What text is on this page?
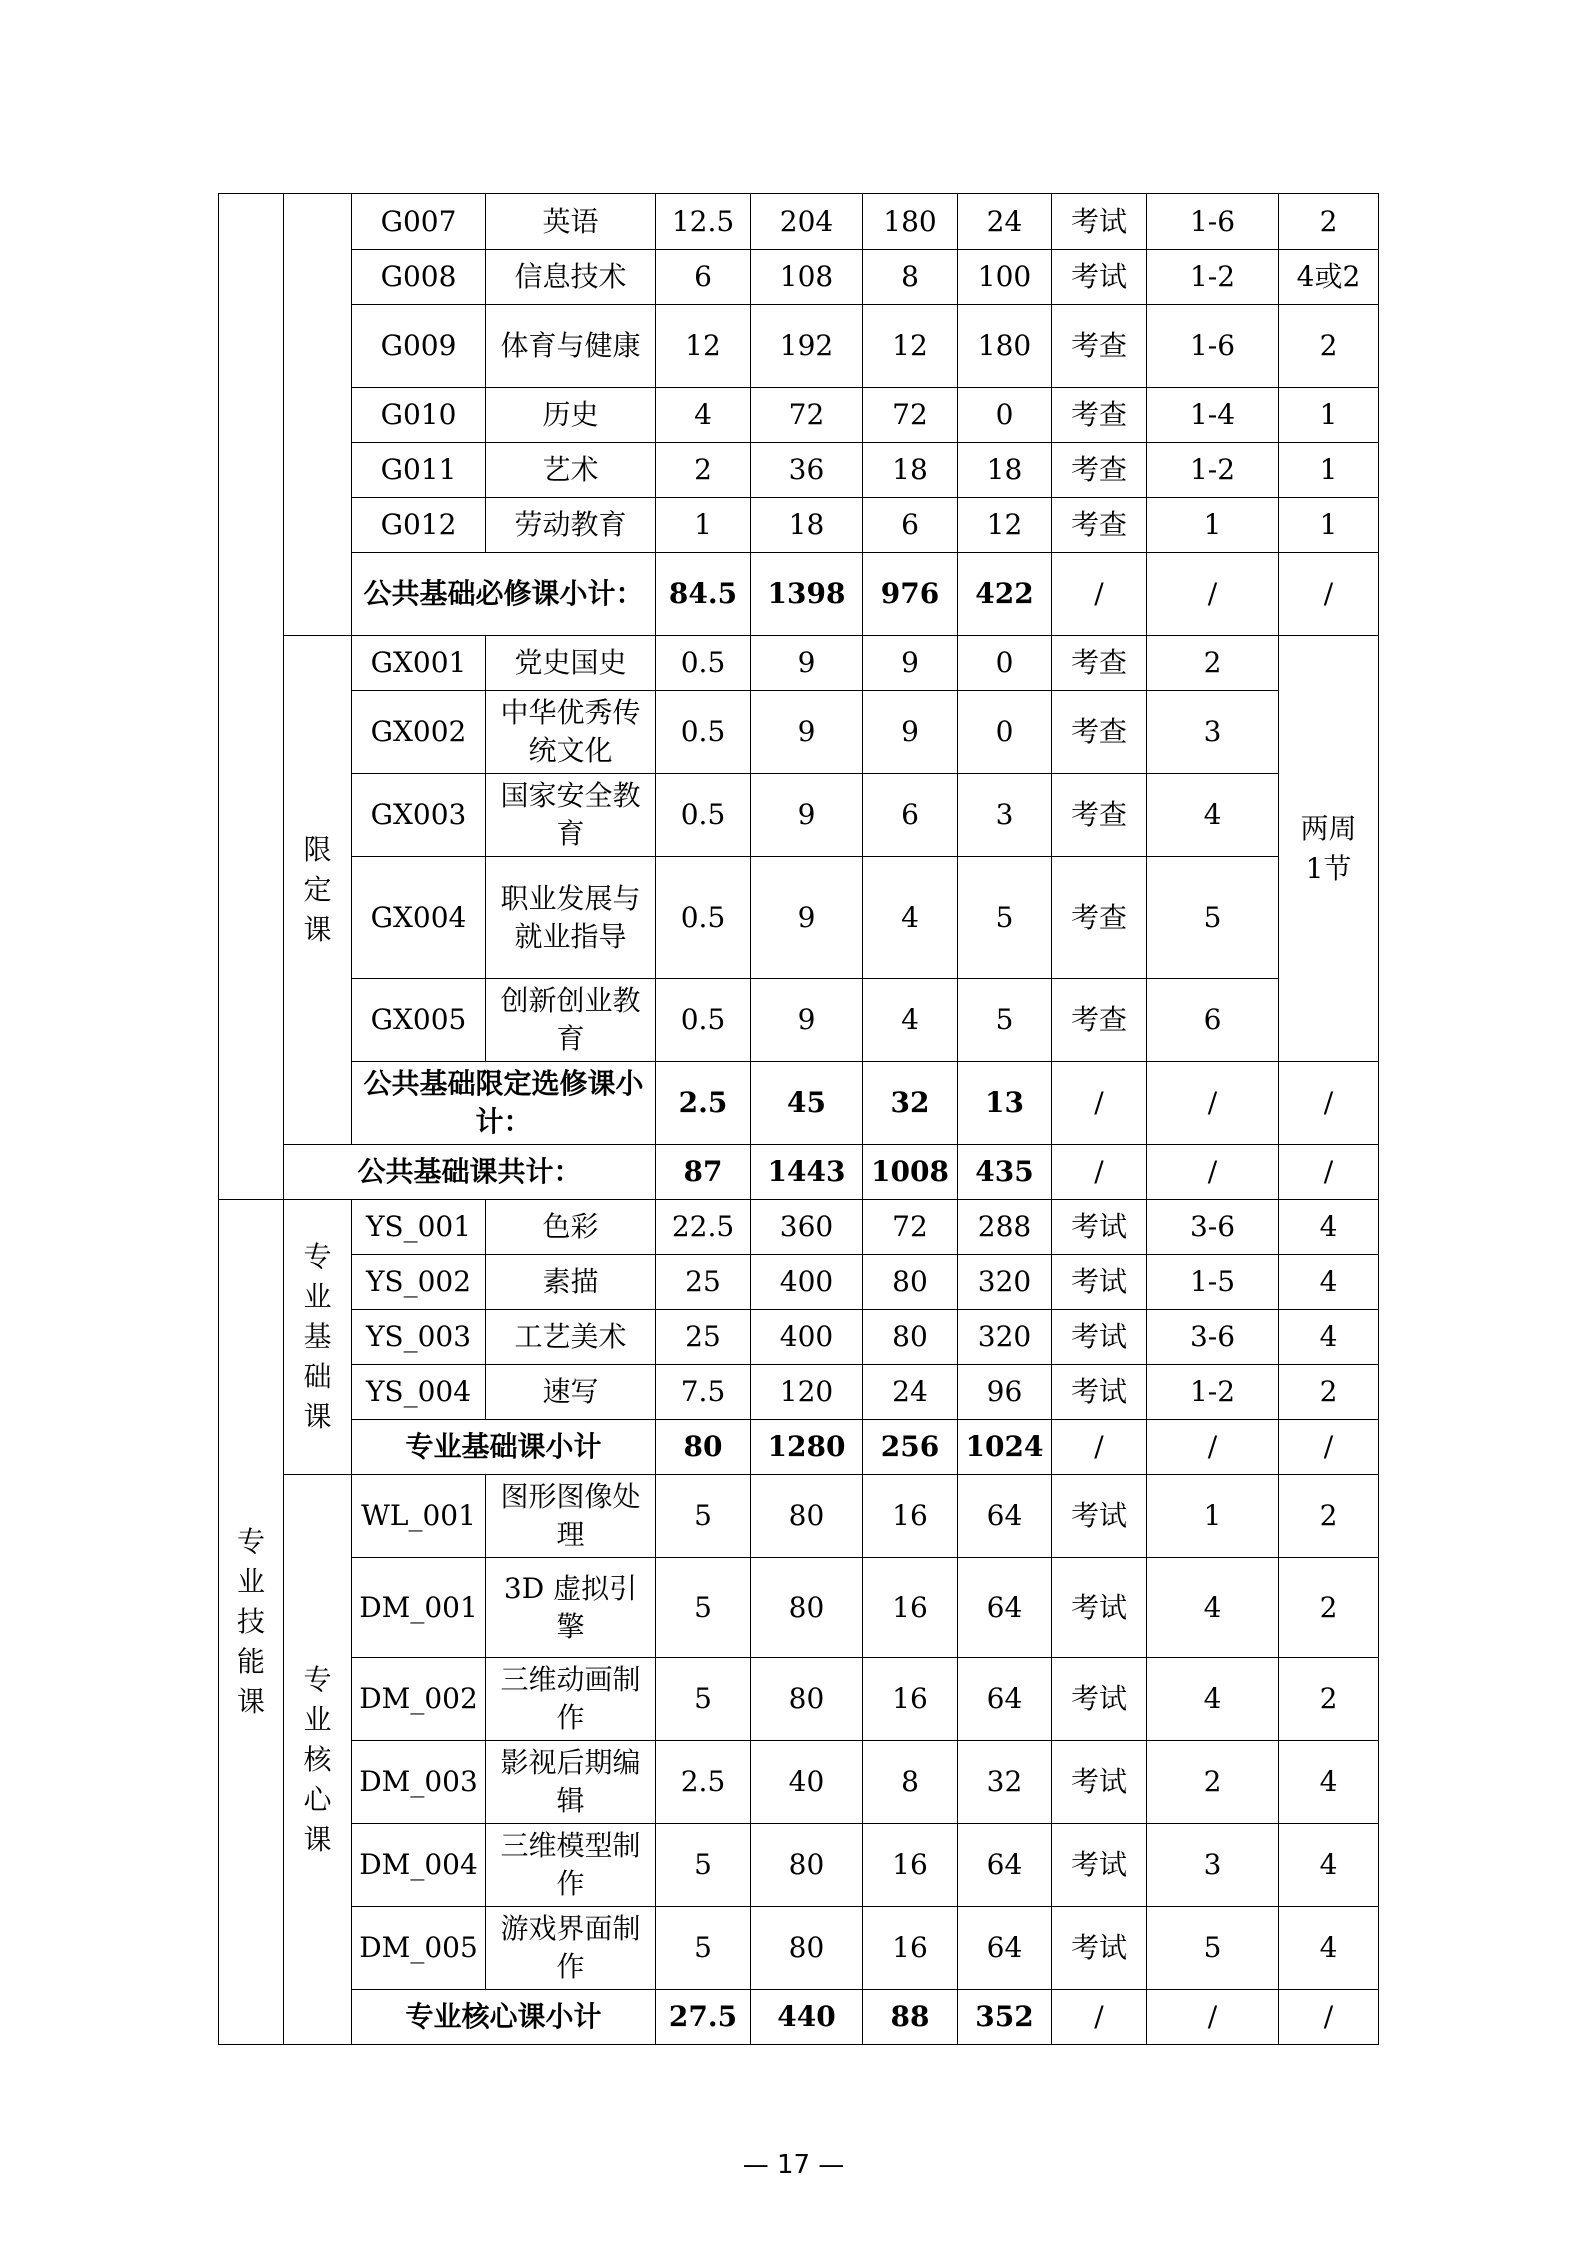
		G007	英语	12.5	204	180	24	考试	1-6	2
		G008	信息技术	6	108	8	100	考试	1-2	4或2
		G009	体育与健康	12	192	12	180	考查	1-6	2
		G010	历史	4	72	72	0	考查	1-4	1
		G011	艺术	2	36	18	18	考查	1-2	1
		G012	劳动教育	1	18	6	12	考查	1	1
		公共基础必修课小计：		84.5	1398	976	422	/	/	/

	限定课	GX001	党史国史	0.5	9	9	0	考查	2	两周1节

		GX002	中华优秀传统文化	0.5	9	9	0	考查	3	
		GX003	国家安全教育	0.5	9	6	3	考查	4	
		GX004	职业发展与就业指导	0.5	9	4	5	考查	5	
		GX005	创新创业教育	0.5	9	4	5	考查	6	
		公共基础限定选修课小计：		2.5	45	32	13	/	/	/
	公共基础课共计：			87	1443	1008	435	/	/	/

专业技能课	专业基础课	YS_001	色彩	22.5	360	72	288	考试	3-6	4
		YS_002	素描	25	400	80	320	考试	1-5	4
		YS_003	工艺美术	25	400	80	320	考试	3-6	4
		YS_004	速写	7.5	120	24	96	考试	1-2	2
		专业基础课小计		80	1280	256	1024	/	/	/

	专业核心课	WL_001	图形图像处理	5	80	16	64	考试	1	2
		DM_001	3D 虚拟引擎	5	80	16	64	考试	4	2
		DM_002	三维动画制作	5	80	16	64	考试	4	2
		DM_003	影视后期编辑	2.5	40	8	32	考试	2	4
		DM_004	三维模型制作	5	80	16	64	考试	3	4
		DM_005	游戏界面制作	5	80	16	64	考试	5	4
		专业核心课小计		27.5	440	88	352	/	/	/
— 17 —
